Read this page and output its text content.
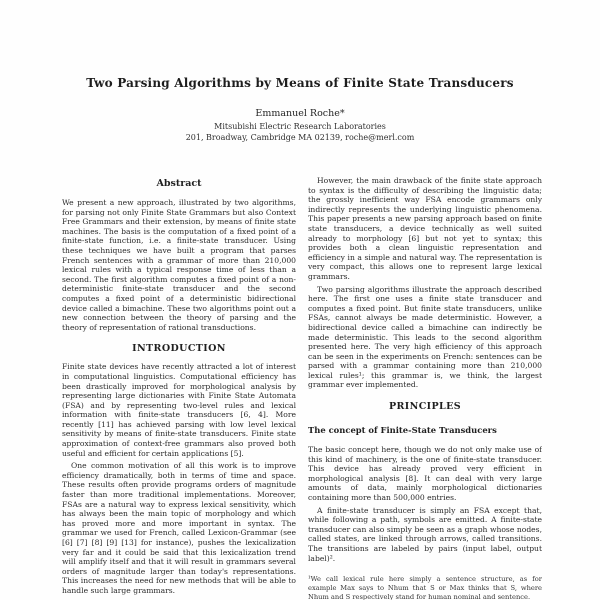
Two Parsing Algorithms by Means of Finite State Transducers

Emmanuel Roche*

Mitsubishi Electric Research Laboratories

201, Broadway, Cambridge MA 02139, roche@merl.com

Abstract

We present a new approach, illustrated by two algorithms, for parsing not only Finite State Grammars but also Context Free Grammars and their extension, by means of finite state machines. The basis is the computation of a fixed point of a finite-state function, i.e. a finite-state transducer. Using these techniques we have built a program that parses French sentences with a grammar of more than 210,000 lexical rules with a typical response time of less than a second. The first algorithm computes a fixed point of a non-deterministic finite-state transducer and the second computes a fixed point of a deterministic bidirectional device called a bimachine. These two algorithms point out a new connection between the theory of parsing and the theory of representation of rational transductions.

INTRODUCTION

Finite state devices have recently attracted a lot of interest in computational linguistics. Computational efficiency has been drastically improved for morphological analysis by representing large dictionaries with Finite State Automata (FSA) and by representing two-level rules and lexical information with finite-state transducers [6, 4]. More recently [11] has achieved parsing with low level lexical sensitivity by means of finite-state transducers. Finite state approximation of context-free grammars also proved both useful and efficient for certain applications [5].

One common motivation of all this work is to improve efficiency dramatically, both in terms of time and space. These results often provide programs orders of magnitude faster than more traditional implementations. Moreover, FSAs are a natural way to express lexical sensitivity, which has always been the main topic of morphology and which has proved more and more important in syntax. The grammar we used for French, called Lexicon-Grammar (see [6] [7] [8] [9] [13] for instance), pushes the lexicalization very far and it could be said that this lexicalization trend will amplify itself and that it will result in grammars several orders of magnitude larger than today's representations. This increases the need for new methods that will be able to handle such large grammars.

However, the main drawback of the finite state approach to syntax is the difficulty of describing the linguistic data; the grossly inefficient way FSA encode grammars only indirectly represents the underlying linguistic phenomena. This paper presents a new parsing approach based on finite state transducers, a device technically as well suited already to morphology [6] but not yet to syntax; this provides both a clean linguistic representation and efficiency in a simple and natural way. The representation is very compact, this allows one to represent large lexical grammars.

Two parsing algorithms illustrate the approach described here. The first one uses a finite state transducer and computes a fixed point. But finite state transducers, unlike FSAs, cannot always be made deterministic. However, a bidirectional device called a bimachine can indirectly be made deterministic. This leads to the second algorithm presented here. The very high efficiency of this approach can be seen in the experiments on French: sentences can be parsed with a grammar containing more than 210,000 lexical rules¹; this grammar is, we think, the largest grammar ever implemented.

PRINCIPLES
The concept of Finite-State Transducers

The basic concept here, though we do not only make use of this kind of machinery, is the one of finite-state transducer. This device has already proved very efficient in morphological analysis [8]. It can deal with very large amounts of data, mainly morphological dictionaries containing more than 500,000 entries.

A finite-state transducer is simply an FSA except that, while following a path, symbols are emitted. A finite-state transducer can also simply be seen as a graph whose nodes, called states, are linked through arrows, called transitions. The transitions are labeled by pairs (input label, output label)².

¹We call lexical rule here simply a sentence structure, as for example Max says to Nhum that S or Max thinks that S, where Nhum and S respectively stand for human nominal and sentence.
